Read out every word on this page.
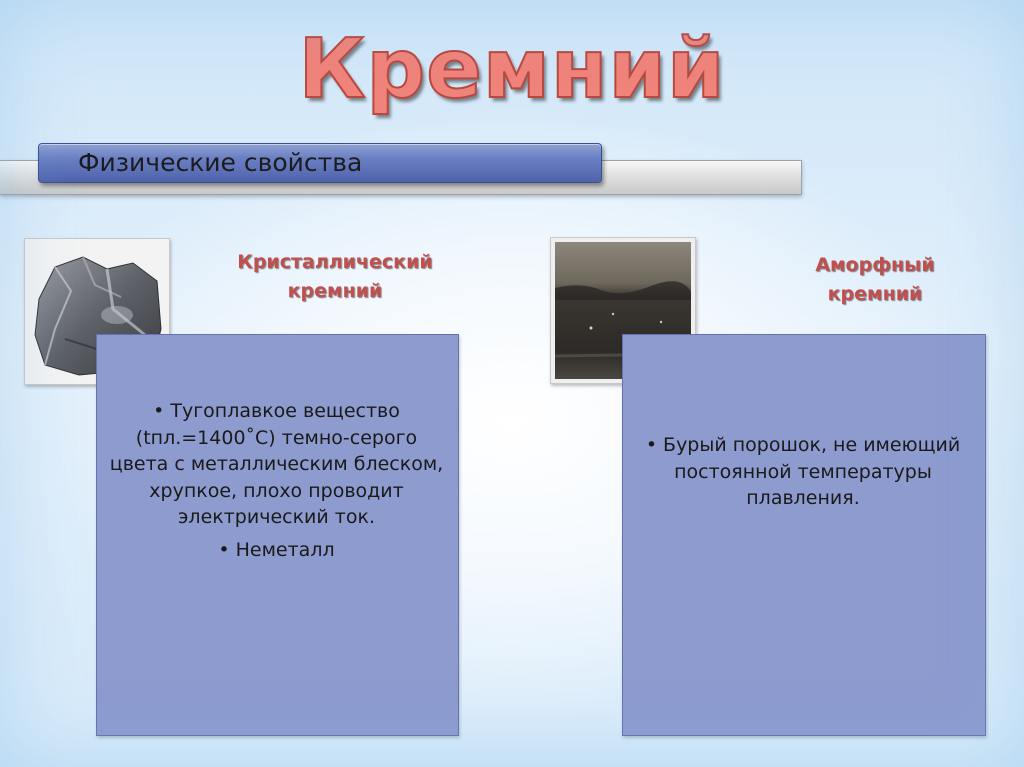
Кремний
Физические свойства
Кристаллический
кремний
Аморфный
кремний
• Тугоплавкое вещество (tпл.=1400˚C) темно-серого цвета с металлическим блеском, хрупкое, плохо проводит электрический ток.
• Неметалл
• Бурый порошок, не имеющий постоянной температуры плавления.
